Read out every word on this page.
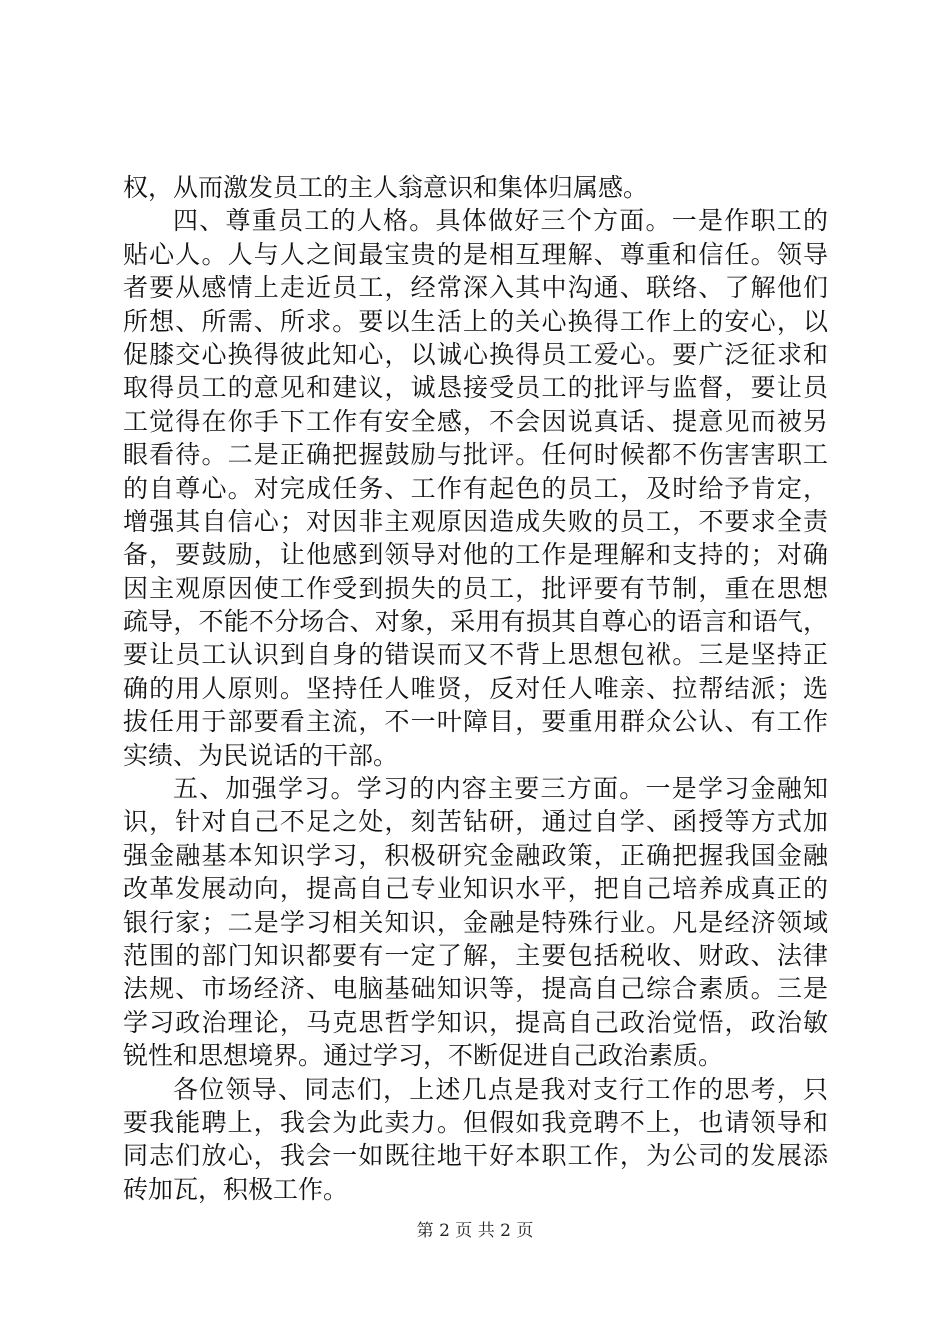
权，从而激发员工的主人翁意识和集体归属感。
四、尊重员工的人格。具体做好三个方面。一是作职工的
贴心人。人与人之间最宝贵的是相互理解、尊重和信任。领导
者要从感情上走近员工，经常深入其中沟通、联络、了解他们
所想、所需、所求。要以生活上的关心换得工作上的安心，以
促膝交心换得彼此知心，以诚心换得员工爱心。要广泛征求和
取得员工的意见和建议，诚恳接受员工的批评与监督，要让员
工觉得在你手下工作有安全感，不会因说真话、提意见而被另
眼看待。二是正确把握鼓励与批评。任何时候都不伤害害职工
的自尊心。对完成任务、工作有起色的员工，及时给予肯定，
增强其自信心；对因非主观原因造成失败的员工，不要求全责
备，要鼓励，让他感到领导对他的工作是理解和支持的；对确
因主观原因使工作受到损失的员工，批评要有节制，重在思想
疏导，不能不分场合、对象，采用有损其自尊心的语言和语气，
要让员工认识到自身的错误而又不背上思想包袱。三是坚持正
确的用人原则。坚持任人唯贤，反对任人唯亲、拉帮结派；选
拔任用于部要看主流，不一叶障目，要重用群众公认、有工作
实绩、为民说话的干部。
五、加强学习。学习的内容主要三方面。一是学习金融知
识，针对自己不足之处，刻苦钻研，通过自学、函授等方式加
强金融基本知识学习，积极研究金融政策，正确把握我国金融
改革发展动向，提高自己专业知识水平，把自己培养成真正的
银行家；二是学习相关知识，金融是特殊行业。凡是经济领域
范围的部门知识都要有一定了解，主要包括税收、财政、法律
法规、市场经济、电脑基础知识等，提高自己综合素质。三是
学习政治理论，马克思哲学知识，提高自己政治觉悟，政治敏
锐性和思想境界。通过学习，不断促进自己政治素质。
各位领导、同志们，上述几点是我对支行工作的思考，只
要我能聘上，我会为此卖力。但假如我竞聘不上，也请领导和
同志们放心，我会一如既往地干好本职工作，为公司的发展添
砖加瓦，积极工作。
第 2 页 共 2 页
